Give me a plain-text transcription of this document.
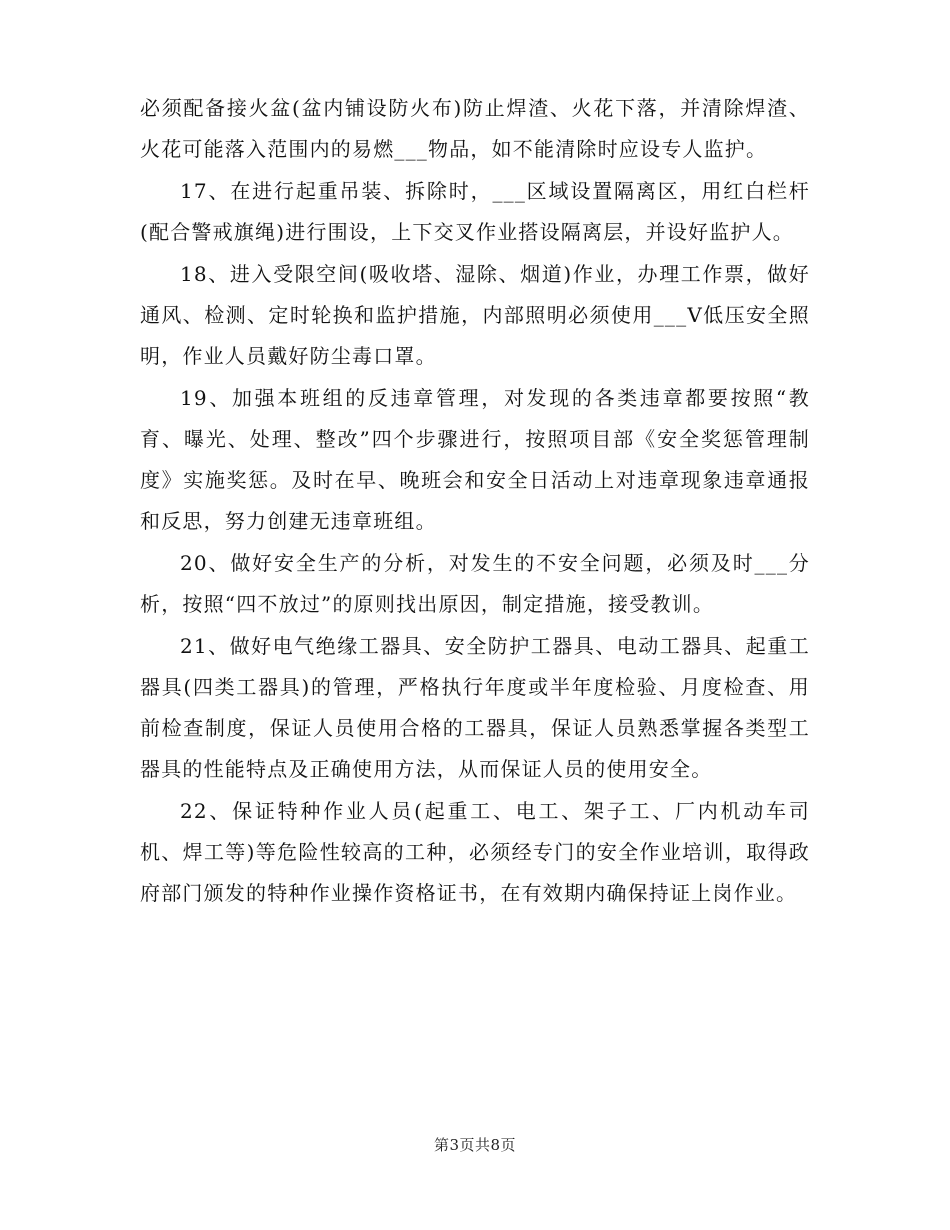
必须配备接火盆(盆内铺设防火布)防止焊渣、火花下落，并清除焊渣、火花可能落入范围内的易燃___物品，如不能清除时应设专人监护。

17、在进行起重吊装、拆除时，___区域设置隔离区，用红白栏杆(配合警戒旗绳)进行围设，上下交叉作业搭设隔离层，并设好监护人。

18、进入受限空间(吸收塔、湿除、烟道)作业，办理工作票，做好通风、检测、定时轮换和监护措施，内部照明必须使用___V低压安全照明，作业人员戴好防尘毒口罩。

19、加强本班组的反违章管理，对发现的各类违章都要按照“教育、曝光、处理、整改”四个步骤进行，按照项目部《安全奖惩管理制度》实施奖惩。及时在早、晚班会和安全日活动上对违章现象违章通报和反思，努力创建无违章班组。

20、做好安全生产的分析，对发生的不安全问题，必须及时___分析，按照“四不放过”的原则找出原因，制定措施，接受教训。

21、做好电气绝缘工器具、安全防护工器具、电动工器具、起重工器具(四类工器具)的管理，严格执行年度或半年度检验、月度检查、用前检查制度，保证人员使用合格的工器具，保证人员熟悉掌握各类型工器具的性能特点及正确使用方法，从而保证人员的使用安全。

22、保证特种作业人员(起重工、电工、架子工、厂内机动车司机、焊工等)等危险性较高的工种，必须经专门的安全作业培训，取得政府部门颁发的特种作业操作资格证书，在有效期内确保持证上岗作业。

第3页共8页
